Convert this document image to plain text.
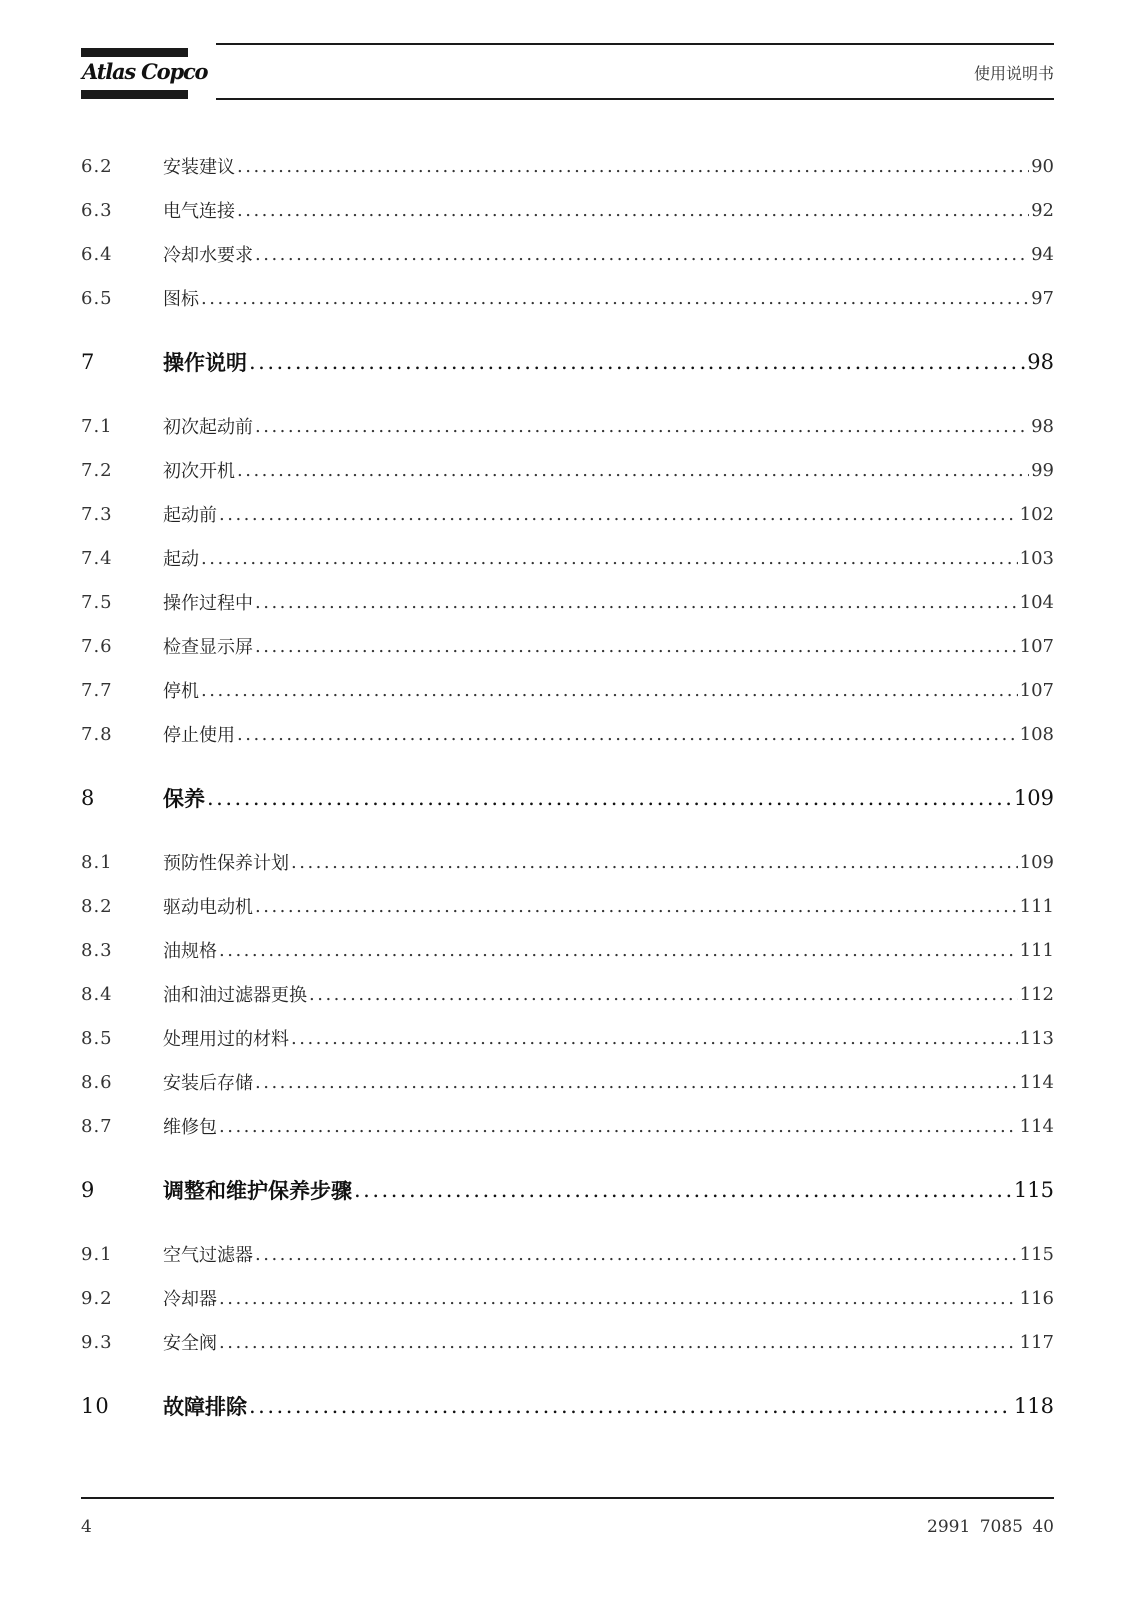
Atlas Copco	使用说明书
6.2	安装建议 .....	90
6.3	电气连接 .....	92
6.4	冷却水要求 .....	94
6.5	图标 .....	97
7	操作说明 .....	98
7.1	初次起动前 .....	98
7.2	初次开机 .....	99
7.3	起动前 .....	102
7.4	起动 .....	103
7.5	操作过程中 .....	104
7.6	检查显示屏 .....	107
7.7	停机 .....	107
7.8	停止使用 .....	108
8	保养 .....	109
8.1	预防性保养计划 .....	109
8.2	驱动电动机 .....	111
8.3	油规格 .....	111
8.4	油和油过滤器更换 .....	112
8.5	处理用过的材料 .....	113
8.6	安装后存储 .....	114
8.7	维修包 .....	114
9	调整和维护保养步骤 .....	115
9.1	空气过滤器 .....	115
9.2	冷却器 .....	116
9.3	安全阀 .....	117
10	故障排除 .....	118
4	2991 7085 40
